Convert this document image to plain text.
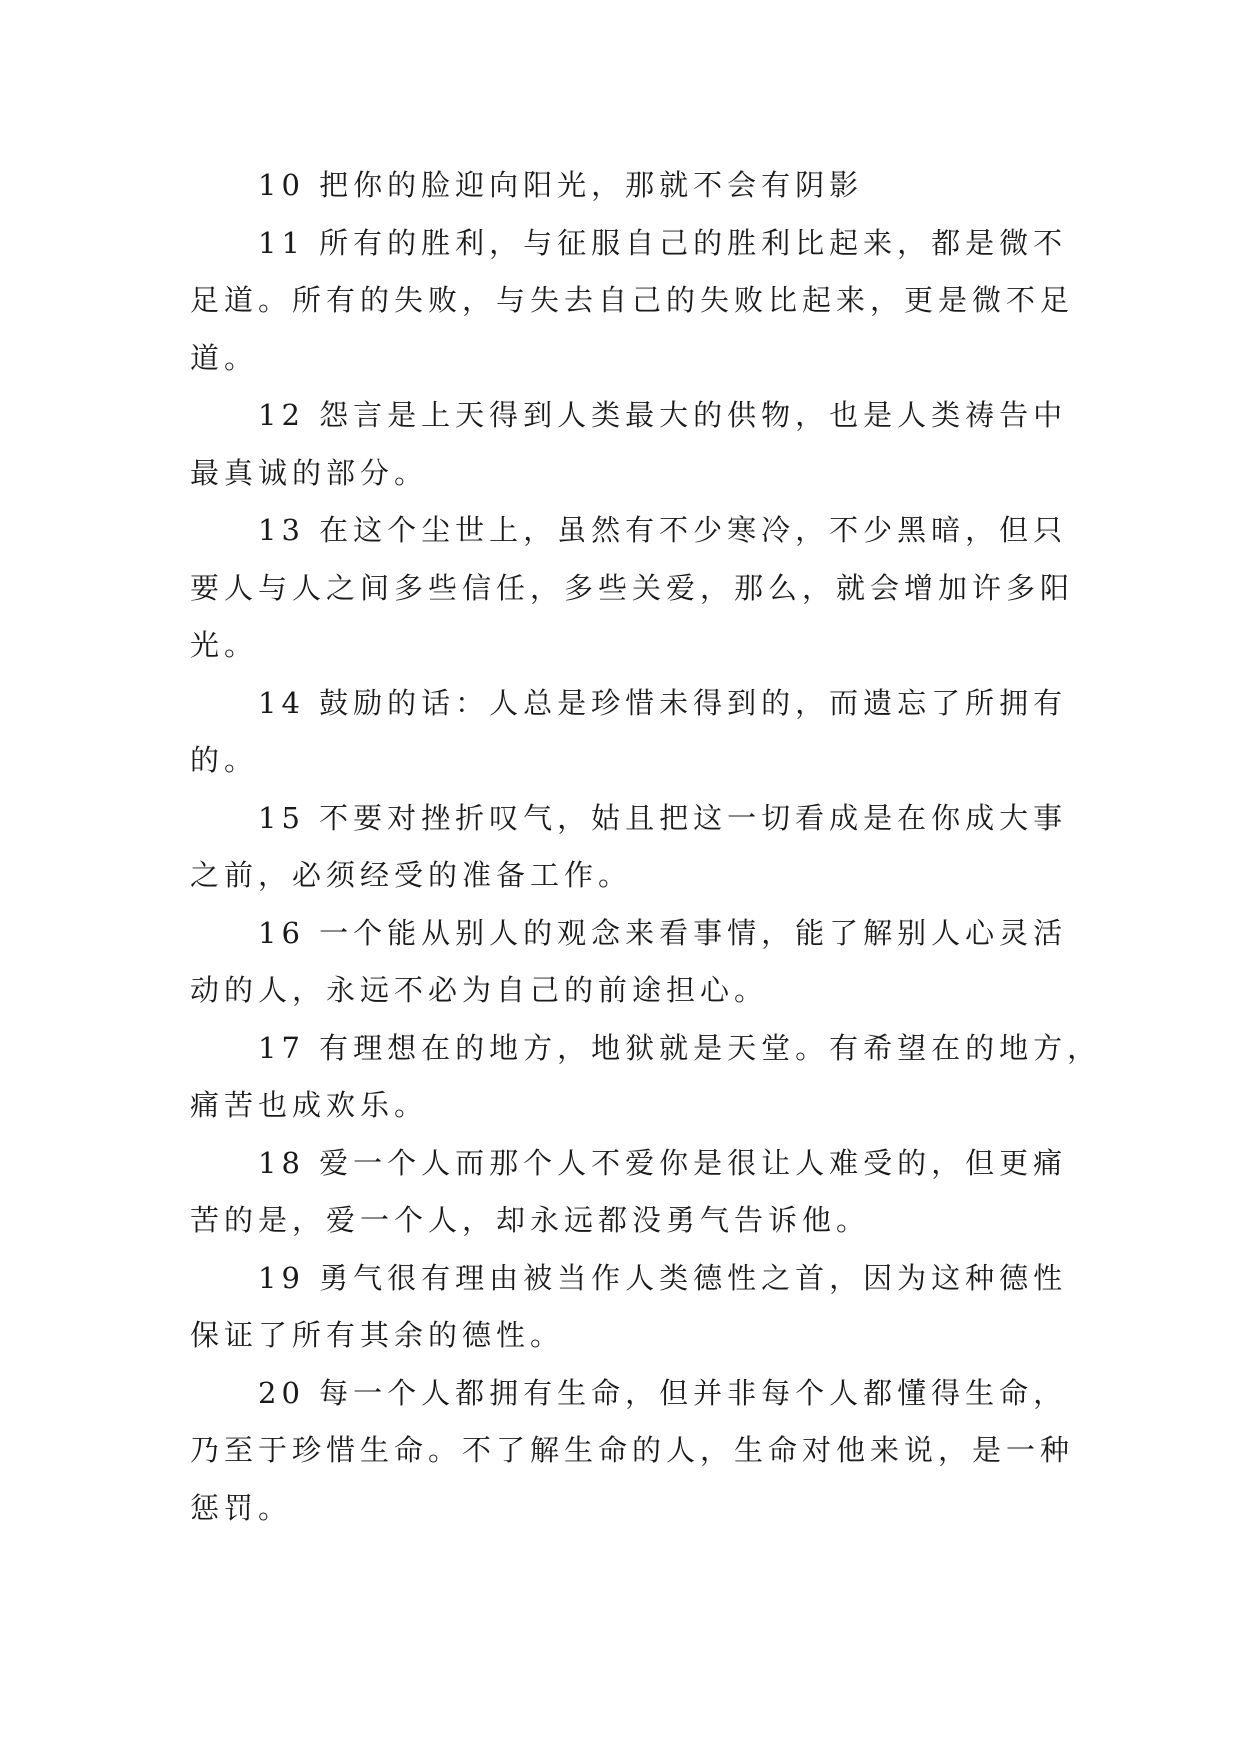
10 把你的脸迎向阳光，那就不会有阴影

11 所有的胜利，与征服自己的胜利比起来，都是微不
足道。所有的失败，与失去自己的失败比起来，更是微不足
道。

12 怨言是上天得到人类最大的供物，也是人类祷告中
最真诚的部分。

13 在这个尘世上，虽然有不少寒冷，不少黑暗，但只
要人与人之间多些信任，多些关爱，那么，就会增加许多阳
光。

14 鼓励的话：人总是珍惜未得到的，而遗忘了所拥有
的。

15 不要对挫折叹气，姑且把这一切看成是在你成大事
之前，必须经受的准备工作。

16 一个能从别人的观念来看事情，能了解别人心灵活
动的人，永远不必为自己的前途担心。

17 有理想在的地方，地狱就是天堂。有希望在的地方，
痛苦也成欢乐。

18 爱一个人而那个人不爱你是很让人难受的，但更痛
苦的是，爱一个人，却永远都没勇气告诉他。

19 勇气很有理由被当作人类德性之首，因为这种德性
保证了所有其余的德性。

20 每一个人都拥有生命，但并非每个人都懂得生命，
乃至于珍惜生命。不了解生命的人，生命对他来说，是一种
惩罚。
